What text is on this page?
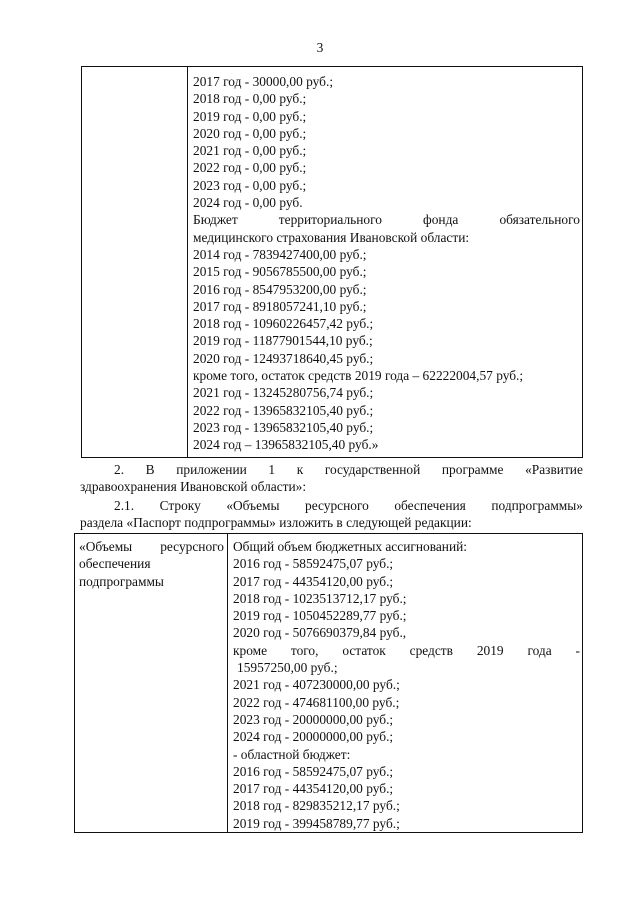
3

2017 год - 30000,00 руб.;
2018 год - 0,00 руб.;
2019 год - 0,00 руб.;
2020 год - 0,00 руб.;
2021 год - 0,00 руб.;
2022 год - 0,00 руб.;
2023 год - 0,00 руб.;
2024 год - 0,00 руб.
Бюджет	территориального	фонда	обязательного
медицинского страхования Ивановской области:
2014 год - 7839427400,00 руб.;
2015 год - 9056785500,00 руб.;
2016 год - 8547953200,00 руб.;
2017 год - 8918057241,10 руб.;
2018 год - 10960226457,42 руб.;
2019 год - 11877901544,10 руб.;
2020 год - 12493718640,45 руб.;
кроме того, остаток средств 2019 года – 62222004,57 руб.;
2021 год - 13245280756,74 руб.;
2022 год - 13965832105,40 руб.;
2023 год - 13965832105,40 руб.;
2024 год – 13965832105,40 руб.»
2. В приложении 1 к государственной программе «Развитие
здравоохранения Ивановской области»:
2.1. Строку «Объемы ресурсного обеспечения подпрограммы»
раздела «Паспорт подпрограммы» изложить в следующей редакции:
«Объемы ресурсного
обеспечения
подпрограммы

Общий объем бюджетных ассигнований:
2016 год - 58592475,07 руб.;
2017 год - 44354120,00 руб.;
2018 год - 1023513712,17 руб.;
2019 год - 1050452289,77 руб.;
2020 год - 5076690379,84 руб.,
кроме того, остаток средств 2019 года -
15957250,00 руб.;
2021 год - 407230000,00 руб.;
2022 год - 474681100,00 руб.;
2023 год - 20000000,00 руб.;
2024 год - 20000000,00 руб.;
- областной бюджет:
2016 год - 58592475,07 руб.;
2017 год - 44354120,00 руб.;
2018 год - 829835212,17 руб.;
2019 год - 399458789,77 руб.;
